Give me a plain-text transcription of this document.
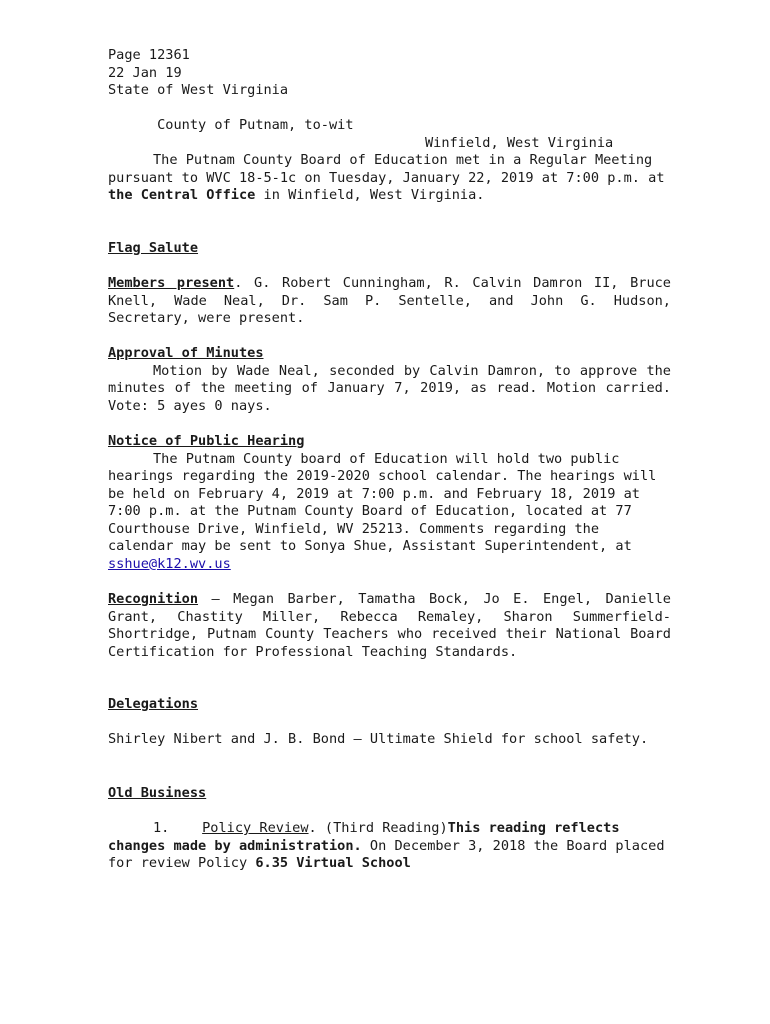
Page 12361
22 Jan 19
State of West Virginia

County of Putnam, to-wit

Winfield, West Virginia

The Putnam County Board of Education met in a Regular Meeting pursuant to WVC 18-5-1c on Tuesday, January 22, 2019 at 7:00 p.m. at the Central Office in Winfield, West Virginia.

Flag Salute

Members present. G. Robert Cunningham, R. Calvin Damron II, Bruce Knell, Wade Neal, Dr. Sam P. Sentelle, and John G. Hudson, Secretary, were present.

Approval of Minutes

Motion by Wade Neal, seconded by Calvin Damron, to approve the minutes of the meeting of January 7, 2019, as read. Motion carried. Vote: 5 ayes 0 nays.

Notice of Public Hearing

The Putnam County board of Education will hold two public hearings regarding the 2019-2020 school calendar. The hearings will be held on February 4, 2019 at 7:00 p.m. and February 18, 2019 at 7:00 p.m. at the Putnam County Board of Education, located at 77 Courthouse Drive, Winfield, WV 25213. Comments regarding the calendar may be sent to Sonya Shue, Assistant Superintendent, at sshue@k12.wv.us

Recognition – Megan Barber, Tamatha Bock, Jo E. Engel, Danielle Grant, Chastity Miller, Rebecca Remaley, Sharon Summerfield-Shortridge, Putnam County Teachers who received their National Board Certification for Professional Teaching Standards.

Delegations

Shirley Nibert and J. B. Bond – Ultimate Shield for school safety.

Old Business

1. Policy Review. (Third Reading)This reading reflects changes made by administration. On December 3, 2018 the Board placed for review Policy 6.35 Virtual School
